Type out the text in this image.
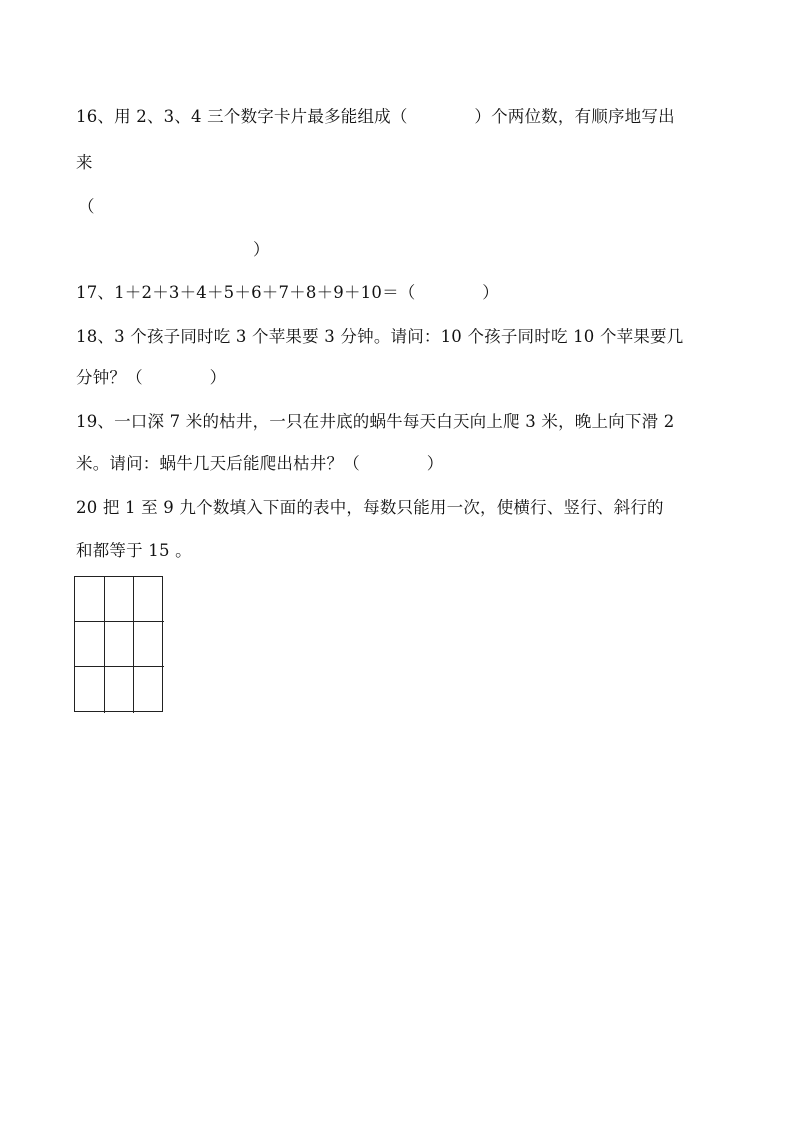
16、用 2、3、4 三个数字卡片最多能组成（　　　　）个两位数，有顺序地写出
来
（
）
17、1＋2＋3＋4＋5＋6＋7＋8＋9＋10＝（　　　　）
18、3 个孩子同时吃 3 个苹果要 3 分钟。请问：10 个孩子同时吃 10 个苹果要几
分钟？（　　　　）
19、一口深 7 米的枯井，一只在井底的蜗牛每天白天向上爬 3 米，晚上向下滑 2
米。请问：蜗牛几天后能爬出枯井？（　　　　）
20 把 1 至 9 九个数填入下面的表中，每数只能用一次，使横行、竖行、斜行的
和都等于 15 。
